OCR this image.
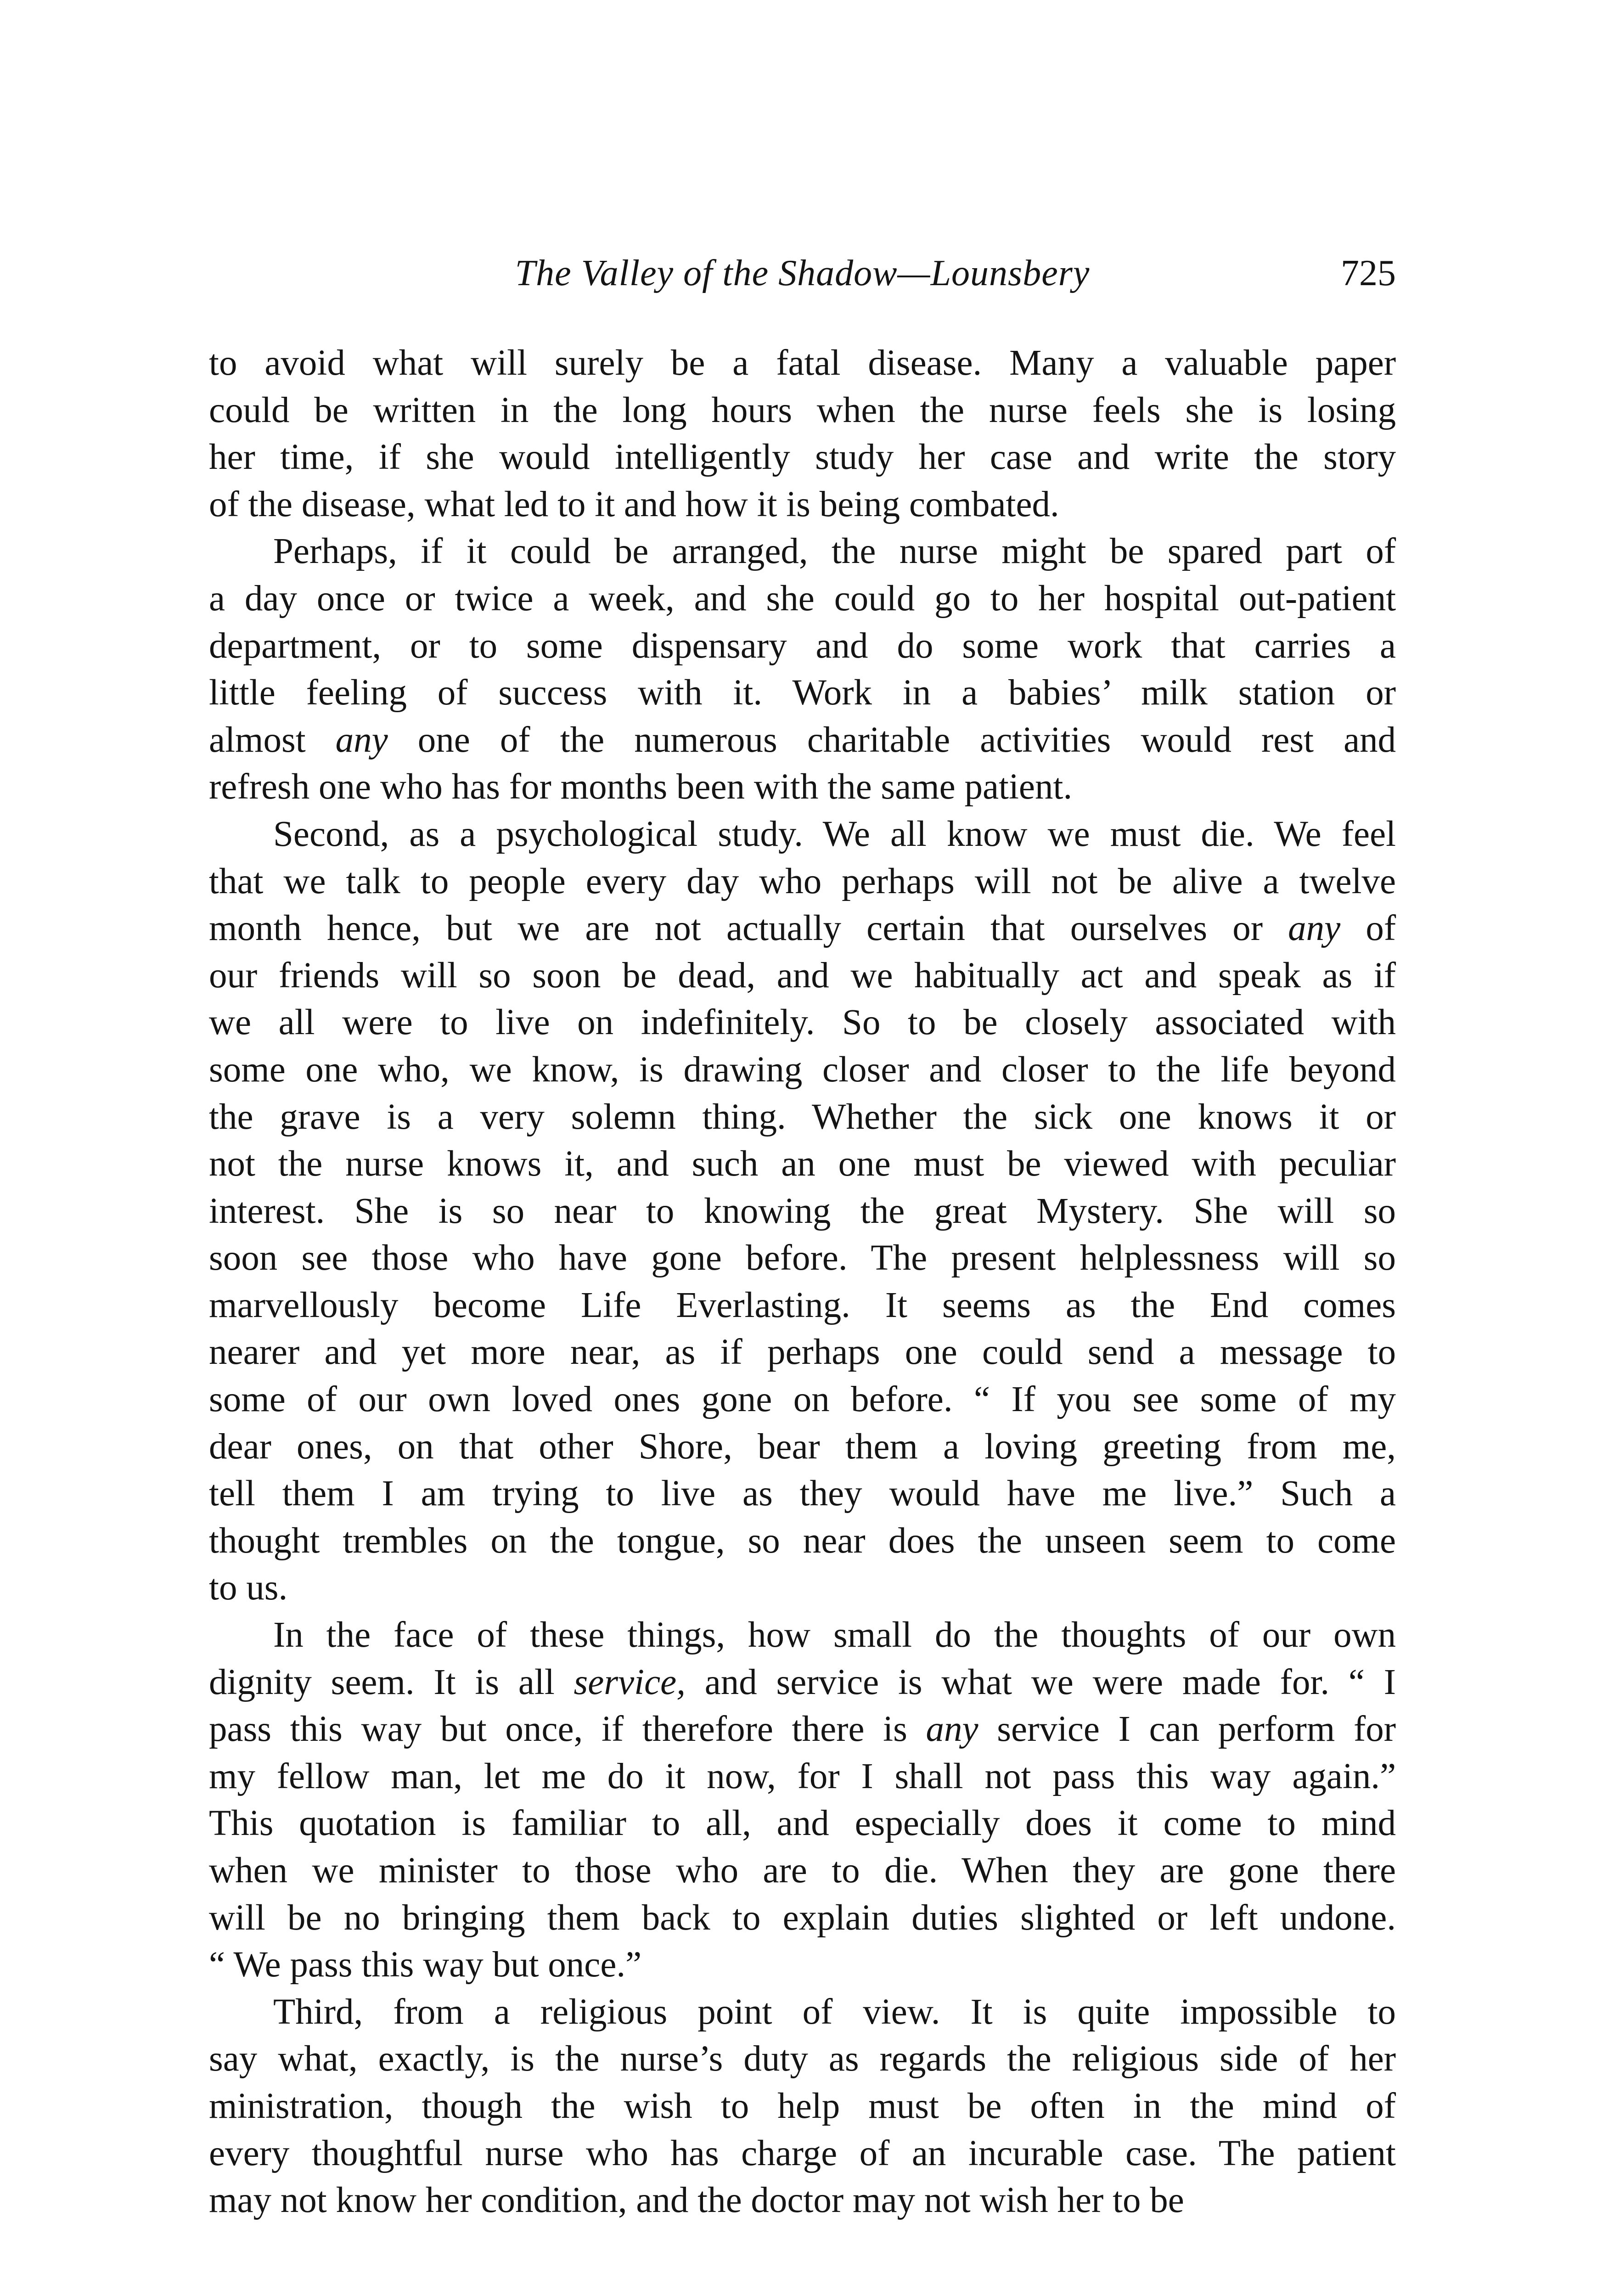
The Valley of the Shadow—Lounsbery	725
to avoid what will surely be a fatal disease. Many a valuable paper
could be written in the long hours when the nurse feels she is losing
her time, if she would intelligently study her case and write the story
of the disease, what led to it and how it is being combated.
Perhaps, if it could be arranged, the nurse might be spared part of
a day once or twice a week, and she could go to her hospital out-patient
department, or to some dispensary and do some work that carries a
little feeling of success with it. Work in a babies’ milk station or
almost any one of the numerous charitable activities would rest and
refresh one who has for months been with the same patient.
Second, as a psychological study. We all know we must die. We feel
that we talk to people every day who perhaps will not be alive a twelve
month hence, but we are not actually certain that ourselves or any of
our friends will so soon be dead, and we habitually act and speak as if
we all were to live on indefinitely. So to be closely associated with
some one who, we know, is drawing closer and closer to the life beyond
the grave is a very solemn thing. Whether the sick one knows it or
not the nurse knows it, and such an one must be viewed with peculiar
interest. She is so near to knowing the great Mystery. She will so
soon see those who have gone before. The present helplessness will so
marvellously become Life Everlasting. It seems as the End comes
nearer and yet more near, as if perhaps one could send a message to
some of our own loved ones gone on before. “ If you see some of my
dear ones, on that other Shore, bear them a loving greeting from me,
tell them I am trying to live as they would have me live.” Such a
thought trembles on the tongue, so near does the unseen seem to come
to us.
In the face of these things, how small do the thoughts of our own
dignity seem. It is all service, and service is what we were made for. “ I
pass this way but once, if therefore there is any service I can perform for
my fellow man, let me do it now, for I shall not pass this way again.”
This quotation is familiar to all, and especially does it come to mind
when we minister to those who are to die. When they are gone there
will be no bringing them back to explain duties slighted or left undone.
“ We pass this way but once.”
Third, from a religious point of view. It is quite impossible to
say what, exactly, is the nurse’s duty as regards the religious side of her
ministration, though the wish to help must be often in the mind of
every thoughtful nurse who has charge of an incurable case. The patient
may not know her condition, and the doctor may not wish her to be
